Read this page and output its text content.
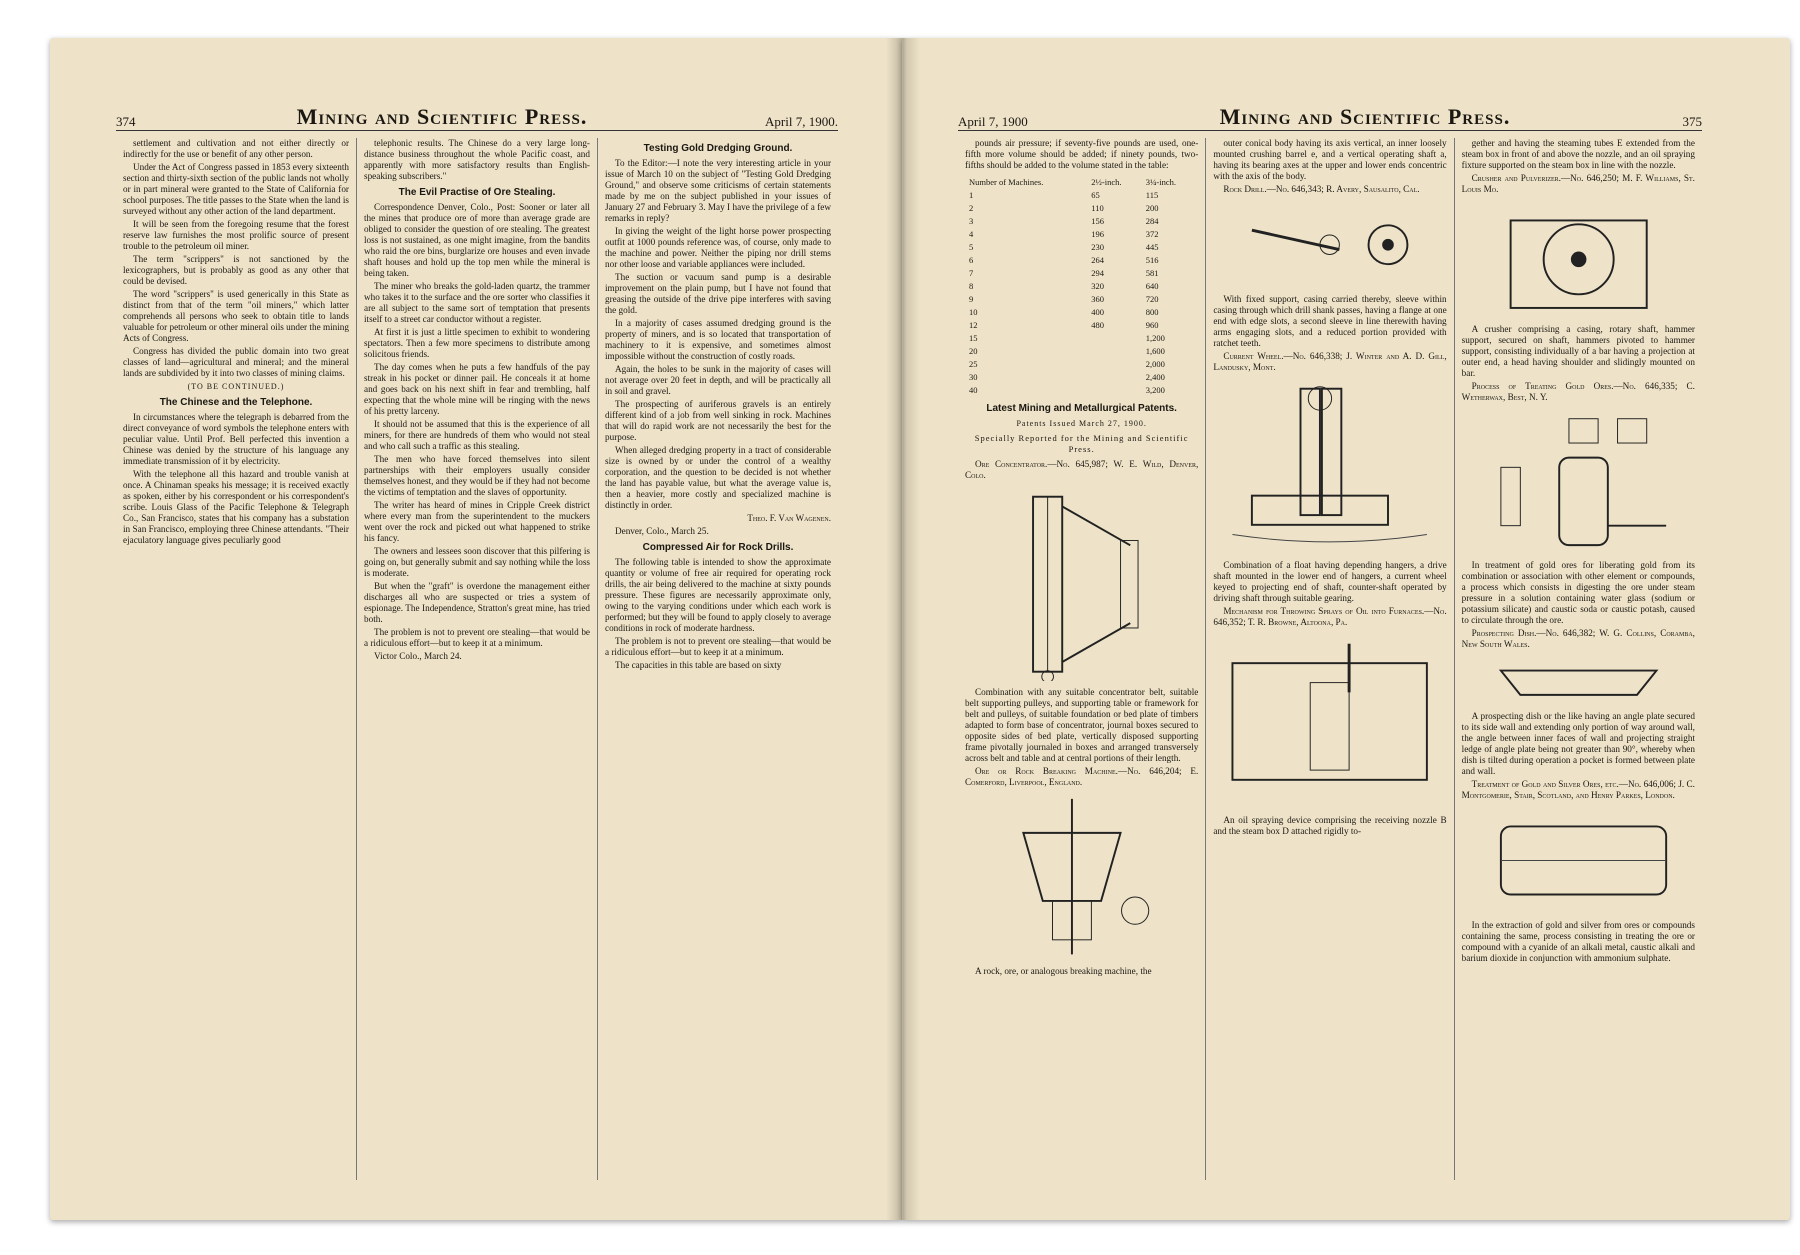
374	Mining and Scientific Press.	April 7, 1900.

settlement and cultivation and not either directly or indirectly for the use or benefit of any other person.

Under the Act of Congress passed in 1853 every sixteenth section and thirty-sixth section of the public lands not wholly or in part mineral were granted to the State of California for school purposes. The title passes to the State when the land is surveyed without any other action of the land department.

It will be seen from the foregoing resume that the forest reserve law furnishes the most prolific source of present trouble to the petroleum oil miner.

The term "scrippers" is not sanctioned by the lexicographers, but is probably as good as any other that could be devised.

The word "scrippers" is used generically in this State as distinct from that of the term "oil miners," which latter comprehends all persons who seek to obtain title to lands valuable for petroleum or other mineral oils under the mining Acts of Congress.

Congress has divided the public domain into two great classes of land—agricultural and mineral; and the mineral lands are subdivided by it into two classes of mining claims.

(TO BE CONTINUED.)
The Chinese and the Telephone.

In circumstances where the telegraph is debarred from the direct conveyance of word symbols the telephone enters with peculiar value. Until Prof. Bell perfected this invention a Chinese was denied by the structure of his language any immediate transmission of it by electricity.

With the telephone all this hazard and trouble vanish at once. A Chinaman speaks his message; it is received exactly as spoken, either by his correspondent or his correspondent's scribe. Louis Glass of the Pacific Telephone & Telegraph Co., San Francisco, states that his company has a substation in San Francisco, employing three Chinese attendants. "Their ejaculatory language gives peculiarly good

telephonic results. The Chinese do a very large long-distance business throughout the whole Pacific coast, and apparently with more satisfactory results than English-speaking subscribers."

The Evil Practise of Ore Stealing.

Correspondence Denver, Colo., Post: Sooner or later all the mines that produce ore of more than average grade are obliged to consider the question of ore stealing. The greatest loss is not sustained, as one might imagine, from the bandits who raid the ore bins, burglarize ore houses and even invade shaft houses and hold up the top men while the mineral is being taken.

The miner who breaks the gold-laden quartz, the trammer who takes it to the surface and the ore sorter who classifies it are all subject to the same sort of temptation that presents itself to a street car conductor without a register.

At first it is just a little specimen to exhibit to wondering spectators. Then a few more specimens to distribute among solicitous friends.

The day comes when he puts a few handfuls of the pay streak in his pocket or dinner pail. He conceals it at home and goes back on his next shift in fear and trembling, half expecting that the whole mine will be ringing with the news of his pretty larceny.

It should not be assumed that this is the experience of all miners, for there are hundreds of them who would not steal and who call such a traffic as this stealing.

The men who have forced themselves into silent partnerships with their employers usually consider themselves honest, and they would be if they had not become the victims of temptation and the slaves of opportunity.

The writer has heard of mines in Cripple Creek district where every man from the superintendent to the muckers went over the rock and picked out what happened to strike his fancy.

The owners and lessees soon discover that this pilfering is going on, but generally submit and say nothing while the loss is moderate.

But when the "graft" is overdone the management either discharges all who are suspected or tries a system of espionage. The Independence, Stratton's great mine, has tried both.

The problem is not to prevent ore stealing—that would be a ridiculous effort—but to keep it at a minimum.

Victor Colo., March 24.

Testing Gold Dredging Ground.

To the Editor:—I note the very interesting article in your issue of March 10 on the subject of "Testing Gold Dredging Ground," and observe some criticisms of certain statements made by me on the subject published in your issues of January 27 and February 3. May I have the privilege of a few remarks in reply?

In giving the weight of the light horse power prospecting outfit at 1000 pounds reference was, of course, only made to the machine and power. Neither the piping nor drill stems nor other loose and variable appliances were included.

The suction or vacuum sand pump is a desirable improvement on the plain pump, but I have not found that greasing the outside of the drive pipe interferes with saving the gold.

In a majority of cases assumed dredging ground is the property of miners, and is so located that transportation of machinery to it is expensive, and sometimes almost impossible without the construction of costly roads.

Again, the holes to be sunk in the majority of cases will not average over 20 feet in depth, and will be practically all in soil and gravel.

The prospecting of auriferous gravels is an entirely different kind of a job from well sinking in rock. Machines that will do rapid work are not necessarily the best for the purpose.

When alleged dredging property in a tract of considerable size is owned by or under the control of a wealthy corporation, and the question to be decided is not whether the land has payable value, but what the average value is, then a heavier, more costly and specialized machine is distinctly in order.

Theo. F. Van Wagenen.

Denver, Colo., March 25.

Compressed Air for Rock Drills.

The following table is intended to show the approximate quantity or volume of free air required for operating rock drills, the air being delivered to the machine at sixty pounds pressure. These figures are necessarily approximate only, owing to the varying conditions under which each work is performed; but they will be found to apply closely to average conditions in rock of moderate hardness.

The problem is not to prevent ore stealing—that would be a ridiculous effort—but to keep it at a minimum.

The capacities in this table are based on sixty

April 7, 1900	Mining and Scientific Press.	375

pounds air pressure; if seventy-five pounds are used, one-fifth more volume should be added; if ninety pounds, two-fifths should be added to the volume stated in the table:

Number of Machines.	2½-inch.	3¼-inch.
1	65	115
2	110	200
3	156	284
4	196	372
5	230	445
6	264	516
7	294	581
8	320	640
9	360	720
10	400	800
12	480	960
15		1,200
20		1,600
25		2,000
30		2,400
40		3,200
Latest Mining and Metallurgical Patents.
Patents Issued March 27, 1900.
Specially Reported for the Mining and Scientific Press.

Ore Concentrator.—No. 645,987; W. E. Wild, Denver, Colo.

Combination with any suitable concentrator belt, suitable belt supporting pulleys, and supporting table or framework for belt and pulleys, of suitable foundation or bed plate of timbers adapted to form base of concentrator, journal boxes secured to opposite sides of bed plate, vertically disposed supporting frame pivotally journaled in boxes and arranged transversely across belt and table and at central portions of their length.

Ore or Rock Breaking Machine.—No. 646,204; E. Comerford, Liverpool, England.

A rock, ore, or analogous breaking machine, the

outer conical body having its axis vertical, an inner loosely mounted crushing barrel e, and a vertical operating shaft a, having its bearing axes at the upper and lower ends concentric with the axis of the body.

Rock Drill.—No. 646,343; R. Avery, Sausalito, Cal.

With fixed support, casing carried thereby, sleeve within casing through which drill shank passes, having a flange at one end with edge slots, a second sleeve in line therewith having arms engaging slots, and a reduced portion provided with ratchet teeth.

Current Wheel.—No. 646,338; J. Winter and A. D. Gill, Landusky, Mont.

Combination of a float having depending hangers, a drive shaft mounted in the lower end of hangers, a current wheel keyed to projecting end of shaft, counter-shaft operated by driving shaft through suitable gearing.

Mechanism for Throwing Sprays of Oil into Furnaces.—No. 646,352; T. R. Browne, Altoona, Pa.

An oil spraying device comprising the receiving nozzle B and the steam box D attached rigidly to-

gether and having the steaming tubes E extended from the steam box in front of and above the nozzle, and an oil spraying fixture supported on the steam box in line with the nozzle.

Crusher and Pulverizer.—No. 646,250; M. F. Williams, St. Louis Mo.

A crusher comprising a casing, rotary shaft, hammer support, secured on shaft, hammers pivoted to hammer support, consisting individually of a bar having a projection at outer end, a head having shoulder and slidingly mounted on bar.

Process of Treating Gold Ores.—No. 646,335; C. Wetherwax, Best, N. Y.

In treatment of gold ores for liberating gold from its combination or association with other element or compounds, a process which consists in digesting the ore under steam pressure in a solution containing water glass (sodium or potassium silicate) and caustic soda or caustic potash, caused to circulate through the ore.

Prospecting Dish.—No. 646,382; W. G. Collins, Coramba, New South Wales.

A prospecting dish or the like having an angle plate secured to its side wall and extending only portion of way around wall, the angle between inner faces of wall and projecting straight ledge of angle plate being not greater than 90°, whereby when dish is tilted during operation a pocket is formed between plate and wall.

Treatment of Gold and Silver Ores, etc.—No. 646,006; J. C. Montgomerie, Stair, Scotland, and Henry Parkes, London.

In the extraction of gold and silver from ores or compounds containing the same, process consisting in treating the ore or compound with a cyanide of an alkali metal, caustic alkali and barium dioxide in conjunction with ammonium sulphate.
